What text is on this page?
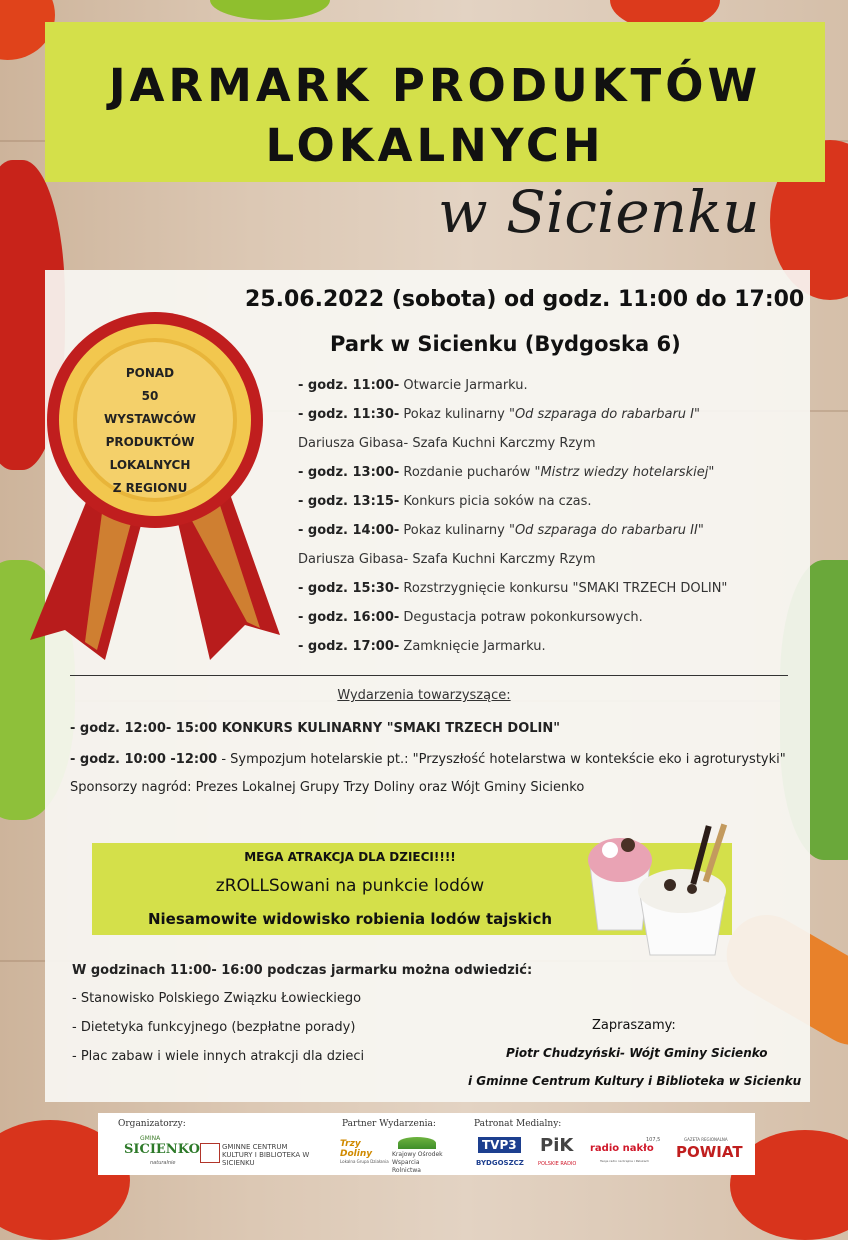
JARMARK PRODUKTÓW
LOKALNYCH
w Sicienku
PONAD
50 WYSTAWCÓW
PRODUKTÓW
LOKALNYCH
Z REGIONU
25.06.2022 (sobota) od godz. 11:00 do 17:00
Park w Sicienku (Bydgoska 6)
- godz. 11:00- Otwarcie Jarmarku.
- godz. 11:30- Pokaz kulinarny "Od szparaga do rabarbaru I"
Dariusza Gibasa- Szafa Kuchni Karczmy Rzym
- godz. 13:00- Rozdanie pucharów "Mistrz wiedzy hotelarskiej"
- godz. 13:15- Konkurs picia soków na czas.
- godz. 14:00- Pokaz kulinarny "Od szparaga do rabarbaru II"
Dariusza Gibasa- Szafa Kuchni Karczmy Rzym
- godz. 15:30- Rozstrzygnięcie konkursu "SMAKI TRZECH DOLIN"
- godz. 16:00- Degustacja potraw pokonkursowych.
- godz. 17:00- Zamknięcie Jarmarku.
Wydarzenia towarzyszące:
- godz. 12:00- 15:00 KONKURS KULINARNY "SMAKI TRZECH DOLIN"
- godz. 10:00 -12:00 - Sympozjum hotelarskie pt.: "Przyszłość hotelarstwa w kontekście eko i agroturystyki"
Sponsorzy nagród: Prezes Lokalnej Grupy Trzy Doliny oraz Wójt Gminy Sicienko
MEGA ATRAKCJA DLA DZIECI!!!!
zROLLSowani na punkcie lodów
Niesamowite widowisko robienia lodów tajskich
W godzinach 11:00- 16:00 podczas jarmarku można odwiedzić:
- Stanowisko Polskiego Związku Łowieckiego
- Dietetyka funkcyjnego (bezpłatne porady)
- Plac zabaw i wiele innych atrakcji dla dzieci
Zapraszamy:
Piotr Chudzyński- Wójt Gminy Sicienko
i Gminne Centrum Kultury i Biblioteka w Sicienku
Organizatorzy:	Partner Wydarzenia:	Patronat Medialny:
GMINA
SICIENKO
naturalnie
GMINNE CENTRUM KULTURY I BIBLIOTEKA W SICIENKU
Trzy Doliny
Lokalna Grupa Działania
Krajowy Ośrodek Wsparcia Rolnictwa
TVP3
BYDGOSZCZ
PiK
POLSKIE RADIO
radio nakło
107,5
Twoje radio na Krajnie i Pałukach
GAZETA REGIONALNA
POWIAT
